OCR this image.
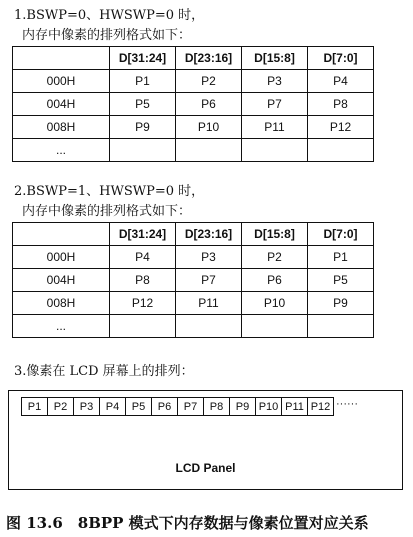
1.BSWP=0、HWSWP=0 时，
内存中像素的排列格式如下：
	D[31:24]	D[23:16]	D[15:8]	D[7:0]
000H	P1	P2	P3	P4
004H	P5	P6	P7	P8
008H	P9	P10	P11	P12
...				
2.BSWP=1、HWSWP=0 时，
内存中像素的排列格式如下：
	D[31:24]	D[23:16]	D[15:8]	D[7:0]
000H	P4	P3	P2	P1
004H	P8	P7	P6	P5
008H	P12	P11	P10	P9
...				
3.像素在 LCD 屏幕上的排列：
P1	P2	P3	P4	P5	P6	P7	P8	P9 P10 P11 P12 ······
LCD Panel
图 13.6　8BPP 模式下内存数据与像素位置对应关系
